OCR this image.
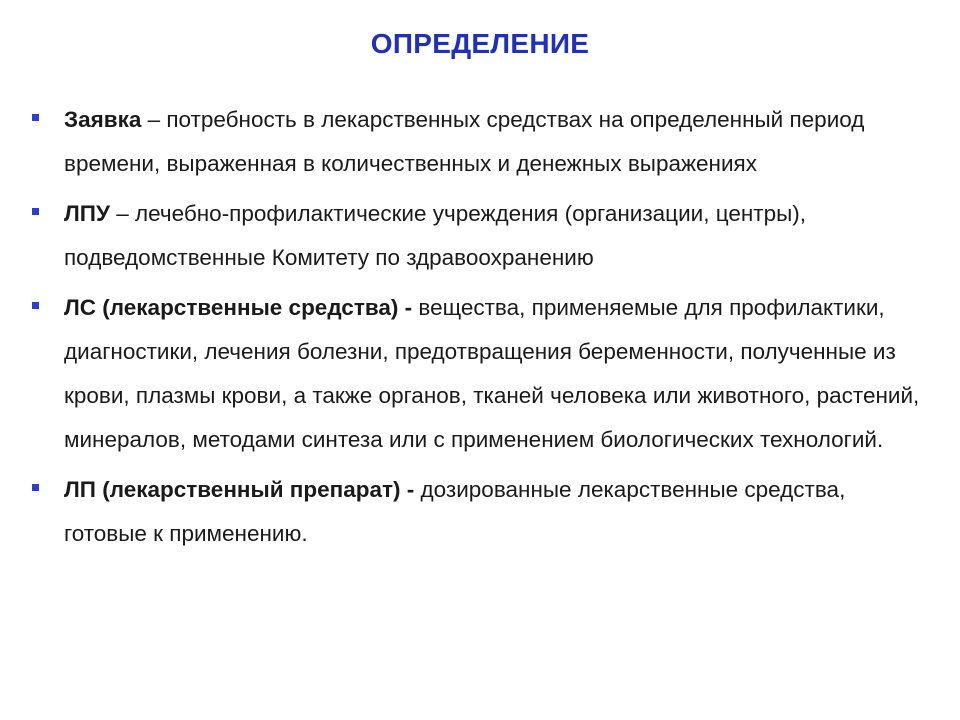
ОПРЕДЕЛЕНИЕ
Заявка – потребность в лекарственных средствах на определенный период времени, выраженная в количественных и денежных выражениях
ЛПУ – лечебно-профилактические учреждения (организации, центры), подведомственные Комитету по здравоохранению
ЛС (лекарственные средства) - вещества, применяемые для профилактики, диагностики, лечения болезни, предотвращения беременности, полученные из крови, плазмы крови, а также органов, тканей человека или животного, растений, минералов, методами синтеза или с применением биологических технологий.
ЛП (лекарственный препарат) - дозированные лекарственные средства, готовые к применению.
